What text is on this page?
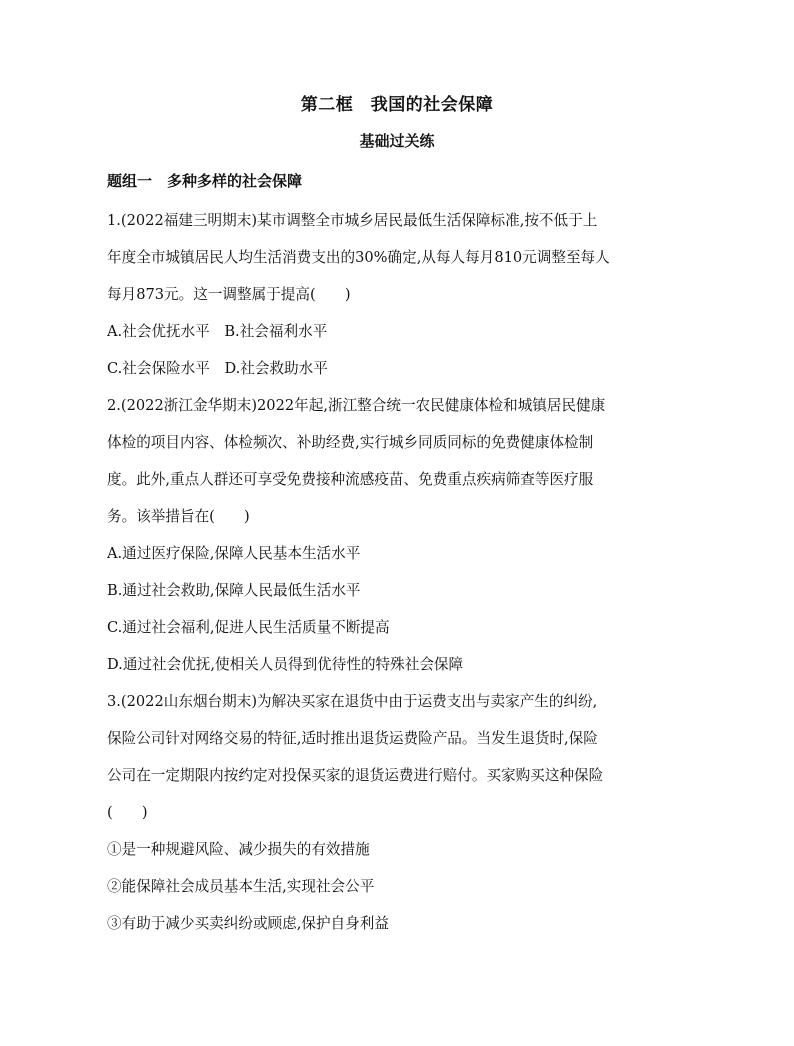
第二框　我国的社会保障
基础过关练
题组一　多种多样的社会保障
1.(2022福建三明期末)某市调整全市城乡居民最低生活保障标准,按不低于上
年度全市城镇居民人均生活消费支出的30%确定,从每人每月810元调整至每人
每月873元。这一调整属于提高(　　)
A.社会优抚水平　B.社会福利水平
C.社会保险水平　D.社会救助水平
2.(2022浙江金华期末)2022年起,浙江整合统一农民健康体检和城镇居民健康
体检的项目内容、体检频次、补助经费,实行城乡同质同标的免费健康体检制
度。此外,重点人群还可享受免费接种流感疫苗、免费重点疾病筛查等医疗服
务。该举措旨在(　　)
A.通过医疗保险,保障人民基本生活水平
B.通过社会救助,保障人民最低生活水平
C.通过社会福利,促进人民生活质量不断提高
D.通过社会优抚,使相关人员得到优待性的特殊社会保障
3.(2022山东烟台期末)为解决买家在退货中由于运费支出与卖家产生的纠纷,
保险公司针对网络交易的特征,适时推出退货运费险产品。当发生退货时,保险
公司在一定期限内按约定对投保买家的退货运费进行赔付。买家购买这种保险
(　　)
①是一种规避风险、减少损失的有效措施
②能保障社会成员基本生活,实现社会公平
③有助于减少买卖纠纷或顾虑,保护自身利益
